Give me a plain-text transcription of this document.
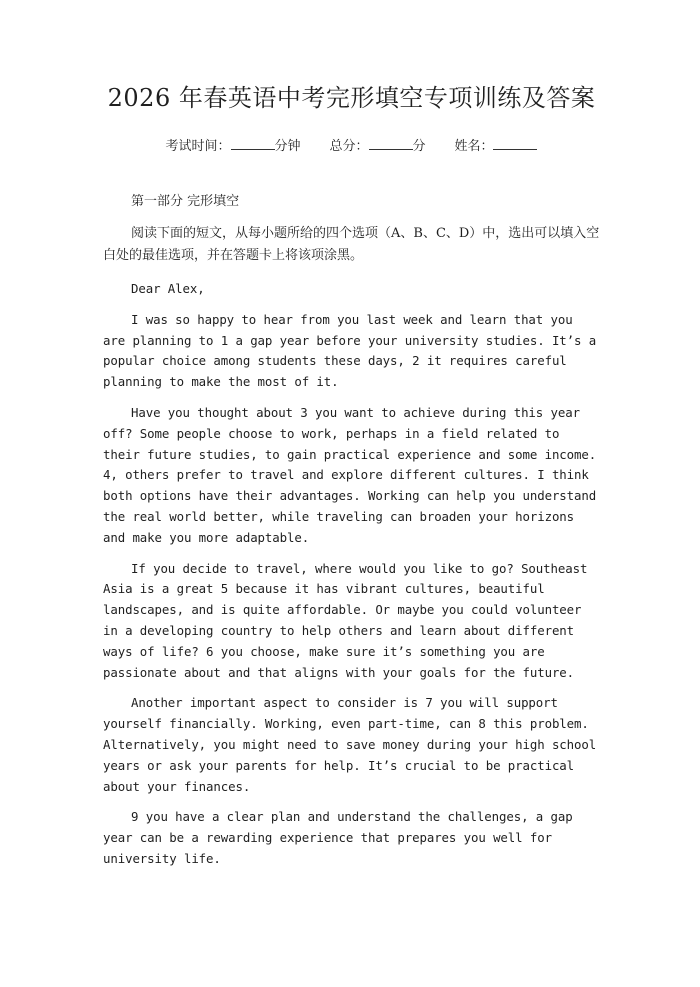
2026 年春英语中考完形填空专项训练及答案
考试时间：	分钟 总分：	分 姓名：
第一部分 完形填空
阅读下面的短文，从每小题所给的四个选项（A、B、C、D）中，选出可以填入空白处的最佳选项，并在答题卡上将该项涂黑。
Dear Alex,
I was so happy to hear from you last week and learn that you are planning to 1 a gap year before your university studies. It’s a popular choice among students these days, 2 it requires careful planning to make the most of it.
Have you thought about 3 you want to achieve during this year off? Some people choose to work, perhaps in a field related to their future studies, to gain practical experience and some income. 4, others prefer to travel and explore different cultures. I think both options have their advantages. Working can help you understand the real world better, while traveling can broaden your horizons and make you more adaptable.
If you decide to travel, where would you like to go? Southeast Asia is a great 5 because it has vibrant cultures, beautiful landscapes, and is quite affordable. Or maybe you could volunteer in a developing country to help others and learn about different ways of life? 6 you choose, make sure it’s something you are passionate about and that aligns with your goals for the future.
Another important aspect to consider is 7 you will support yourself financially. Working, even part-time, can 8 this problem. Alternatively, you might need to save money during your high school years or ask your parents for help. It’s crucial to be practical about your finances.
9 you have a clear plan and understand the challenges, a gap year can be a rewarding experience that prepares you well for university life.
